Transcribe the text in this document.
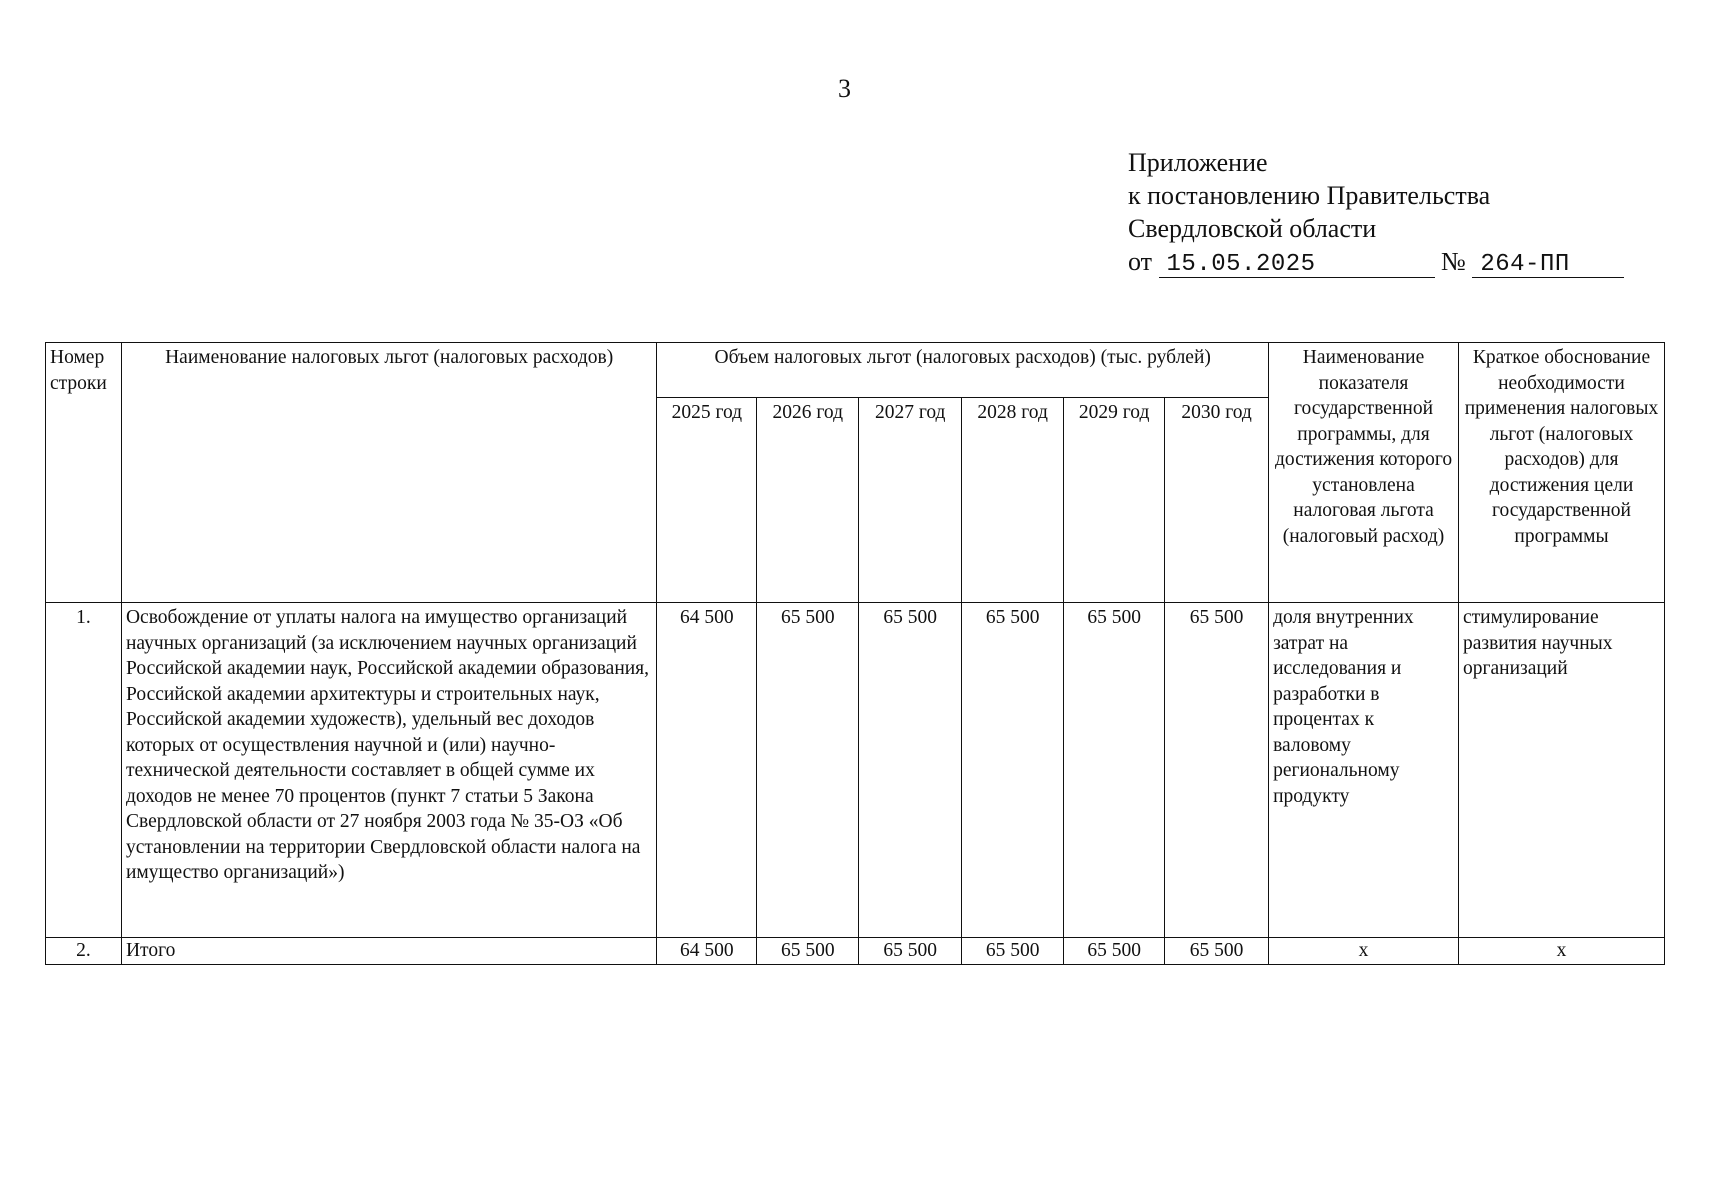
3
Приложение
к постановлению Правительства
Свердловской области
от 15.05.2025	№ 264-ПП
Номер строки	Наименование налоговых льгот (налоговых расходов)	Объем налоговых льгот (налоговых расходов) (тыс. рублей)						Наименование показателя государственной программы, для достижения которого установлена налоговая льгота (налоговый расход)	Краткое обоснование необходимости применения налоговых льгот (налоговых расходов) для достижения цели государственной программы
		2025 год	2026 год	2027 год	2028 год	2029 год	2030 год		
1.	Освобождение от уплаты налога на имущество организаций научных организаций (за исключением научных организаций Российской академии наук, Российской академии образования, Российской академии архитектуры и строительных наук, Российской академии художеств), удельный вес доходов которых от осуществления научной и (или) научно-технической деятельности составляет в общей сумме их доходов не менее 70 процентов (пункт 7 статьи 5 Закона Свердловской области от 27 ноября 2003 года № 35-ОЗ «Об установлении на территории Свердловской области налога на имущество организаций»)	64 500	65 500	65 500	65 500	65 500	65 500	доля внутренних затрат на исследования и разработки в процентах к валовому региональному продукту	стимулирование развития научных организаций
2.	Итого	64 500	65 500	65 500	65 500	65 500	65 500	x	x
